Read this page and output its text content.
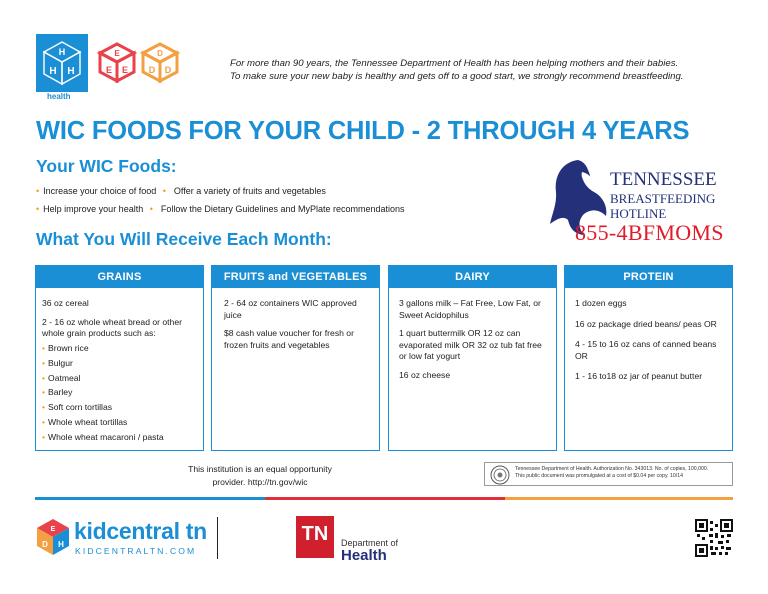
H
H H
health
E
E E
D
D D
For more than 90 years, the Tennessee Department of Health has been helping mothers and their babies.
To make sure your new baby is healthy and gets off to a good start, we strongly recommend breastfeeding.
WIC FOODS FOR YOUR CHILD - 2 THROUGH 4 YEARS
Your WIC Foods:
• Increase your choice of food • Offer a variety of fruits and vegetables
• Help improve your health • Follow the Dietary Guidelines and MyPlate recommendations
TENNESSEE
BREASTFEEDING
HOTLINE
855-4BFMOMS
What You Will Receive Each Month:
GRAINS

36 oz cereal

2 - 16 oz whole wheat bread or other whole grain products such as:

• Brown rice
• Bulgur
• Oatmeal
• Barley
• Soft corn tortillas
• Whole wheat tortillas
• Whole wheat macaroni / pasta
FRUITS and VEGETABLES

2 - 64 oz containers WIC approved juice

$8 cash value voucher for fresh or frozen fruits and vegetables

DAIRY

3 gallons milk – Fat Free, Low Fat, or Sweet Acidophilus

1 quart buttermilk OR 12 oz can evaporated milk OR 32 oz tub fat free or low fat yogurt

16 oz cheese

PROTEIN

1 dozen eggs

16 oz package dried beans/ peas OR

4 - 15 to 16 oz cans of canned beans OR

1 - 16 to18 oz jar of peanut butter

This institution is an equal opportunity
provider. http://tn.gov/wic
Tennessee Department of Health. Authorization No. 343013. No. of copies, 100,000.
This public document was promulgated at a cost of $0.04 per copy. 10/14
E
D H
kidcentral tn
KIDCENTRALTN.COM
TN	Department of
Health
